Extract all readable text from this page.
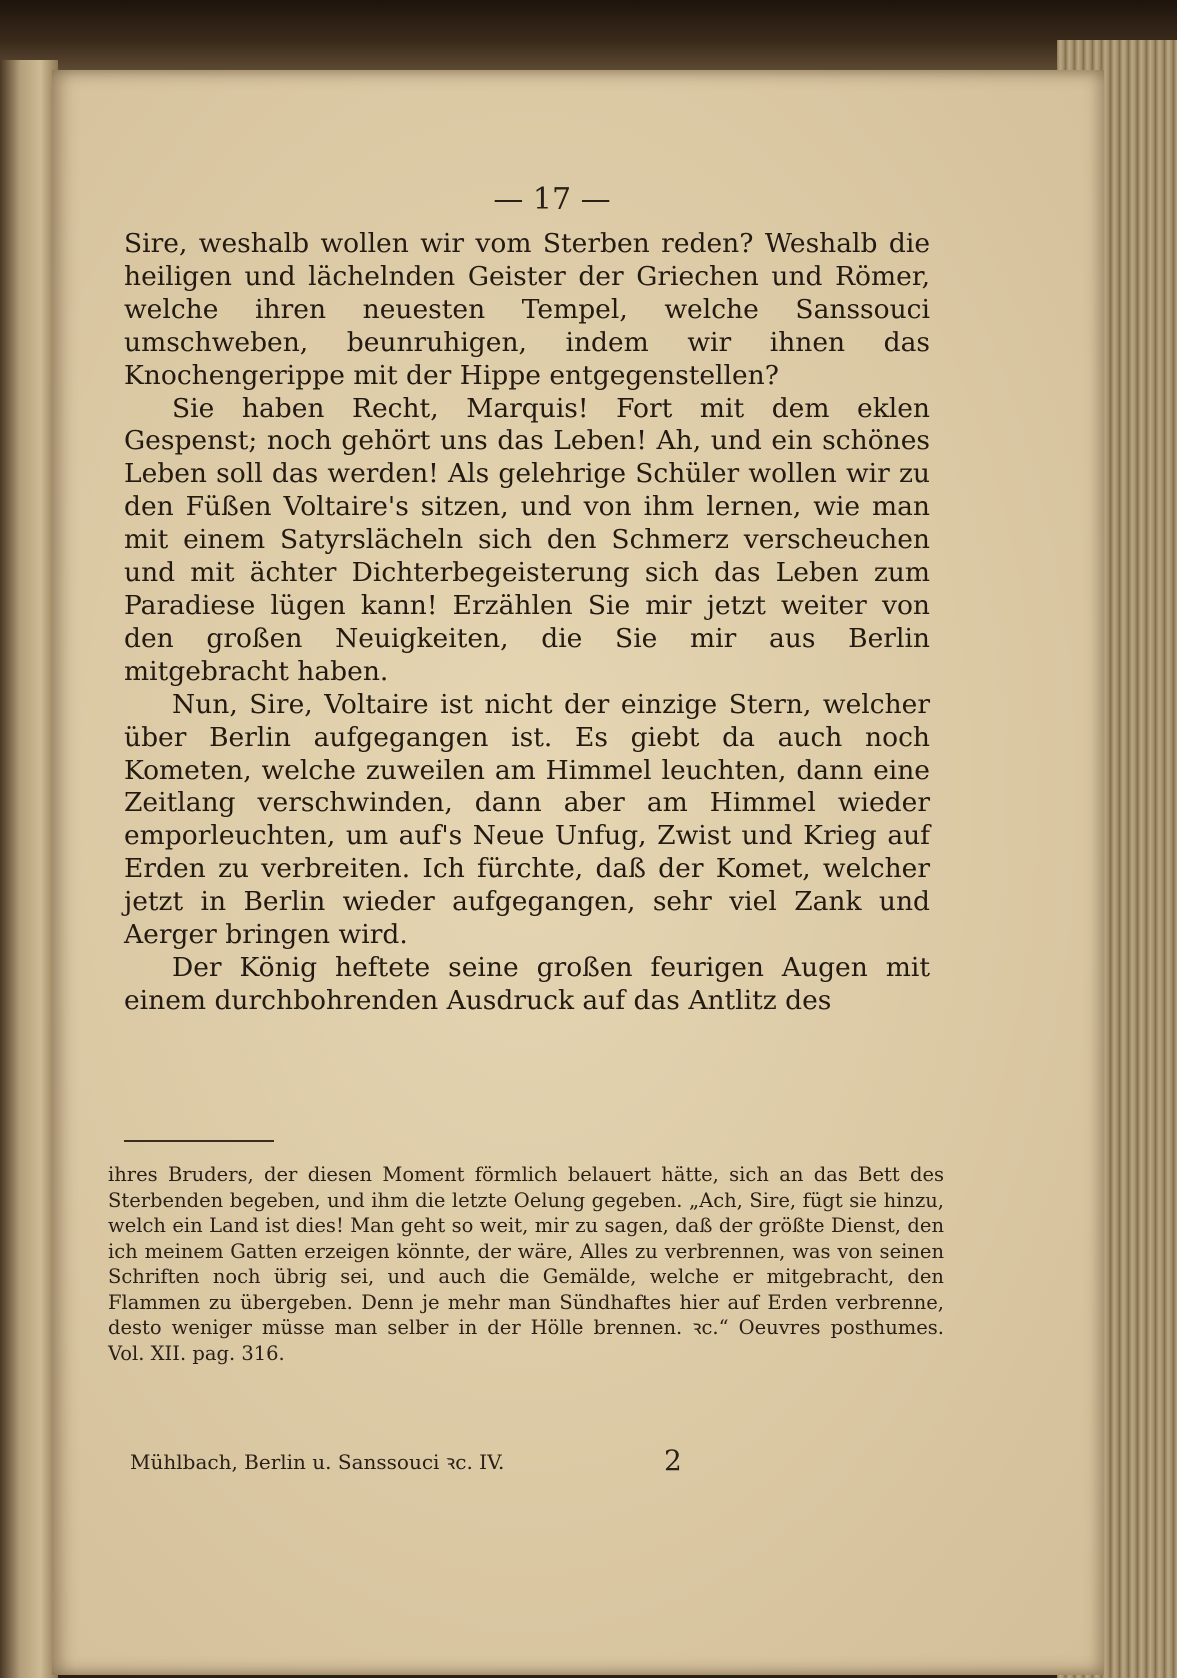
— 17 —

Sire, weshalb wollen wir vom Sterben reden? Weshalb die heiligen und lächelnden Geister der Griechen und Römer, welche ihren neuesten Tempel, welche Sanssouci umschweben, beunruhigen, indem wir ihnen das Knochengerippe mit der Hippe entgegenstellen?

Sie haben Recht, Marquis! Fort mit dem eklen Gespenst; noch gehört uns das Leben! Ah, und ein schönes Leben soll das werden! Als gelehrige Schüler wollen wir zu den Füßen Voltaire's sitzen, und von ihm lernen, wie man mit einem Satyrslächeln sich den Schmerz verscheuchen und mit ächter Dichterbegeisterung sich das Leben zum Paradiese lügen kann! Erzählen Sie mir jetzt weiter von den großen Neuigkeiten, die Sie mir aus Berlin mitgebracht haben.

Nun, Sire, Voltaire ist nicht der einzige Stern, welcher über Berlin aufgegangen ist. Es giebt da auch noch Kometen, welche zuweilen am Himmel leuchten, dann eine Zeitlang verschwinden, dann aber am Himmel wieder emporleuchten, um auf's Neue Unfug, Zwist und Krieg auf Erden zu verbreiten. Ich fürchte, daß der Komet, welcher jetzt in Berlin wieder aufgegangen, sehr viel Zank und Aerger bringen wird.

Der König heftete seine großen feurigen Augen mit einem durchbohrenden Ausdruck auf das Antlitz des

ihres Bruders, der diesen Moment förmlich belauert hätte, sich an das Bett des Sterbenden begeben, und ihm die letzte Oelung gegeben. „Ach, Sire, fügt sie hinzu, welch ein Land ist dies! Man geht so weit, mir zu sagen, daß der größte Dienst, den ich meinem Gatten erzeigen könnte, der wäre, Alles zu verbrennen, was von seinen Schriften noch übrig sei, und auch die Gemälde, welche er mitgebracht, den Flammen zu übergeben. Denn je mehr man Sündhaftes hier auf Erden verbrenne, desto weniger müsse man selber in der Hölle brennen. ꝛc.“ Oeuvres posthumes. Vol. XII. pag. 316.

Mühlbach, Berlin u. Sanssouci ꝛc. IV.	2
